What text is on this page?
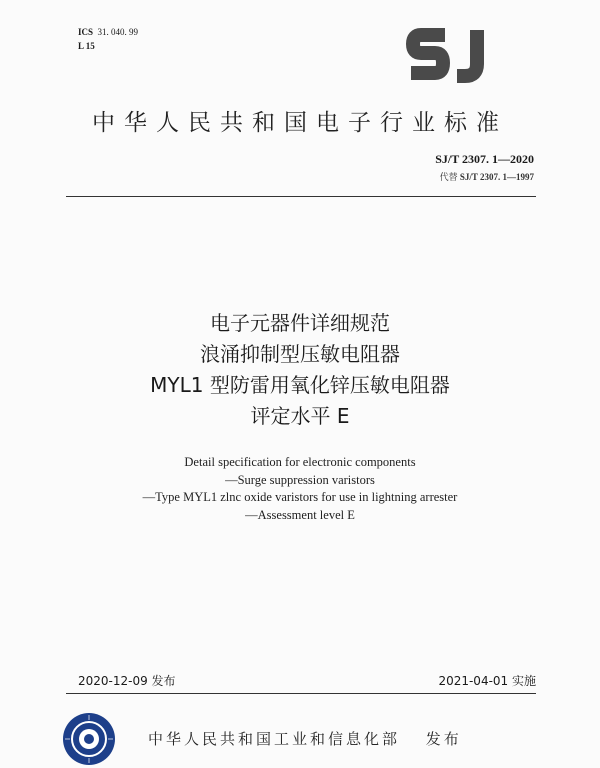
ICS 31. 040. 99
L 15
中华人民共和国电子行业标准
SJ/T 2307. 1—2020
代替 SJ/T 2307. 1—1997
电子元器件详细规范
浪涌抑制型压敏电阻器
MYL1 型防雷用氧化锌压敏电阻器
评定水平 E
Detail specification for electronic components
—Surge suppression varistors
—Type MYL1 zlnc oxide varistors for use in lightning arrester
—Assessment level E
2020-12-09 发布	2021-04-01 实施
中华人民共和国工业和信息化部 发布
